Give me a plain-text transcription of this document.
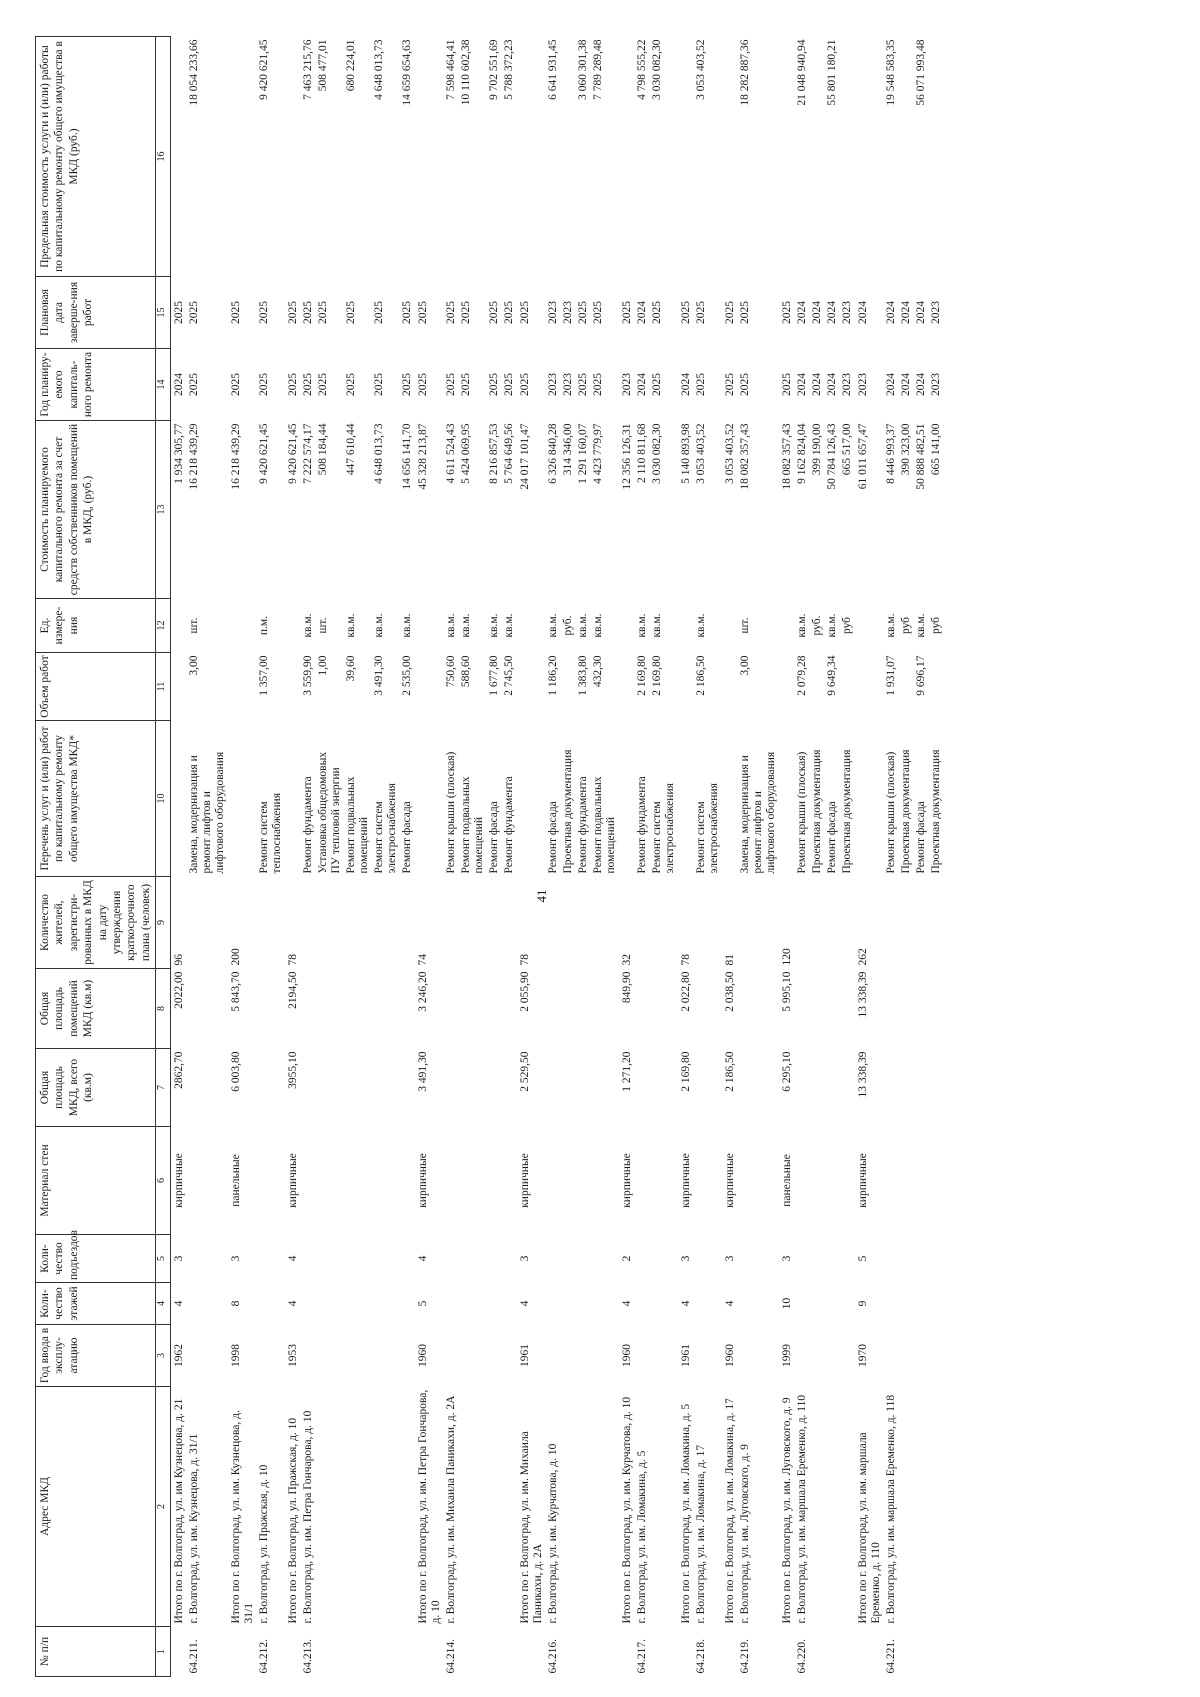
41
№ п/п	Адрес МКД	Год ввода в эксплу-атацию	Коли-чество этажей	Коли-чество подъездов	Материал стен	Общая площадь МКД, всего (кв.м)	Общая площадь помещений МКД (кв.м)	Количество жителей, зарегистри-рованных в МКД на дату утверждения краткосрочного плана (человек)	Перечень услуг и (или) работ по капитальному ремонту общего имущества МКД*	Объем работ	Ед. измере-ния	Стоимость планируемого капитального ремонта за счет средств собственников помещений в МКД, (руб.)	Год планиру-емого капиталь-ного ремонта	Плановая дата заверше-ния работ	Предельная стоимость услуги и (или) работы по капитальному ремонту общего имущества в МКД (руб.)
1	2	3	4	5	6	7	8	9	10	11	12	13	14	15	16
	Итого по г. Волгоград, ул. им Кузнецова, д. 21	1962	4	3	кирпичные	2862,70	2022,00	96				1 934 305,77	2024	2025	
64.211.	г. Волгоград, ул. им. Кузнецова, д. 31/1								Замена, модернизация и
ремонт лифтов и
лифтового оборудования	3,00	шт.	16 218 439,29	2025	2025	18 054 233,66
	Итого по г. Волгоград, ул. им. Кузнецова, д. 31/1	1998	8	3	панельные	6 003,80	5 843,70	200				16 218 439,29	2025	2025	
64.212.	г. Волгоград, ул. Пражская, д. 10								Ремонт систем
теплоснабжения	1 357,00	п.м.	9 420 621,45	2025	2025	9 420 621,45
	Итого по г. Волгоград, ул. Пражская, д. 10	1953	4	4	кирпичные	3955,10	2194,50	78				9 420 621,45	2025	2025	
64.213.	г. Волгоград, ул. им. Петра Гончарова, д. 10								Ремонт фундамента	3 559,90	кв.м.	7 222 574,17	2025	2025	7 463 215,76
									Установка общедомовых
ПУ тепловой энергии	1,00	шт.	508 184,44	2025	2025	508 477,01
									Ремонт подвальных
помещений	39,60	кв.м.	447 610,44	2025	2025	680 224,01
									Ремонт систем
электроснабжения	3 491,30	кв.м.	4 648 013,73	2025	2025	4 648 013,73
									Ремонт фасада	2 535,00	кв.м.	14 656 141,70	2025	2025	14 659 654,63
	Итого по г. Волгоград, ул. им. Петра Гончарова, д. 10	1960	5	4	кирпичные	3 491,30	3 246,20	74				45 328 213,87	2025	2025	
64.214.	г. Волгоград, ул. им. Михаила Паникахи, д. 2А								Ремонт крыши (плоская)	750,60	кв.м.	4 611 524,43	2025	2025	7 598 464,41
									Ремонт подвальных
помещений	588,60	кв.м.	5 424 069,95	2025	2025	10 110 602,38
									Ремонт фасада	1 677,80	кв.м.	8 216 857,53	2025	2025	9 702 551,69
									Ремонт фундамента	2 745,50	кв.м.	5 764 649,56	2025	2025	5 788 372,23
	Итого по г. Волгоград, ул. им. Михаила Паникахи, д. 2А	1961	4	3	кирпичные	2 529,50	2 055,90	78				24 017 101,47	2025	2025	
64.216.	г. Волгоград, ул. им. Курчатова, д. 10								Ремонт фасада	1 186,20	кв.м.	6 326 840,28	2023	2023	6 641 931,45
									Проектная документация		руб.	314 346,00	2023	2023	
									Ремонт фундамента	1 383,80	кв.м.	1 291 160,07	2025	2025	3 060 301,38
									Ремонт подвальных
помещений	432,30	кв.м.	4 423 779,97	2025	2025	7 789 289,48
	Итого по г. Волгоград, ул. им. Курчатова, д. 10	1960	4	2	кирпичные	1 271,20	849,90	32				12 356 126,31	2023	2025	
64.217.	г. Волгоград, ул. им. Ломакина, д. 5								Ремонт фундамента	2 169,80	кв.м.	2 110 811,68	2024	2024	4 798 555,22
									Ремонт систем
электроснабжения	2 169,80	кв.м.	3 030 082,30	2025	2025	3 030 082,30
	Итого по г. Волгоград, ул. им. Ломакина, д. 5	1961	4	3	кирпичные	2 169,80	2 022,80	78				5 140 893,98	2024	2025	
64.218.	г. Волгоград, ул. им. Ломакина, д. 17								Ремонт систем
электроснабжения	2 186,50	кв.м.	3 053 403,52	2025	2025	3 053 403,52
	Итого по г. Волгоград, ул. им. Ломакина, д. 17	1960	4	3	кирпичные	2 186,50	2 038,50	81				3 053 403,52	2025	2025	
64.219.	г. Волгоград, ул. им. Луговского, д. 9								Замена, модернизация и
ремонт лифтов и
лифтового оборудования	3,00	шт.	18 082 357,43	2025	2025	18 282 887,36
	Итого по г. Волгоград, ул. им. Луговского, д. 9	1999	10	3	панельные	6 295,10	5 995,10	120				18 082 357,43	2025	2025	
64.220.	г. Волгоград, ул. им. маршала Еременко, д. 110								Ремонт крыши (плоская)	2 079,28	кв.м.	9 162 824,04	2024	2024	21 048 940,94
									Проектная документация		руб.	399 190,00	2024	2024	
									Ремонт фасада	9 649,34	кв.м.	50 784 126,43	2024	2024	55 801 180,21
									Проектная документация		руб	665 517,00	2023	2023	
	Итого по г. Волгоград, ул. им. маршала Еременко, д. 110	1970	9	5	кирпичные	13 338,39	13 338,39	262				61 011 657,47	2023	2024	
64.221.	г. Волгоград, ул. им. маршала Еременко, д. 118								Ремонт крыши (плоская)	1 931,07	кв.м.	8 446 993,37	2024	2024	19 548 583,35
									Проектная документация		руб	390 323,00	2024	2024	
									Ремонт фасада	9 696,17	кв.м.	50 888 482,51	2024	2024	56 071 993,48
									Проектная документация		руб	665 141,00	2023	2023	
